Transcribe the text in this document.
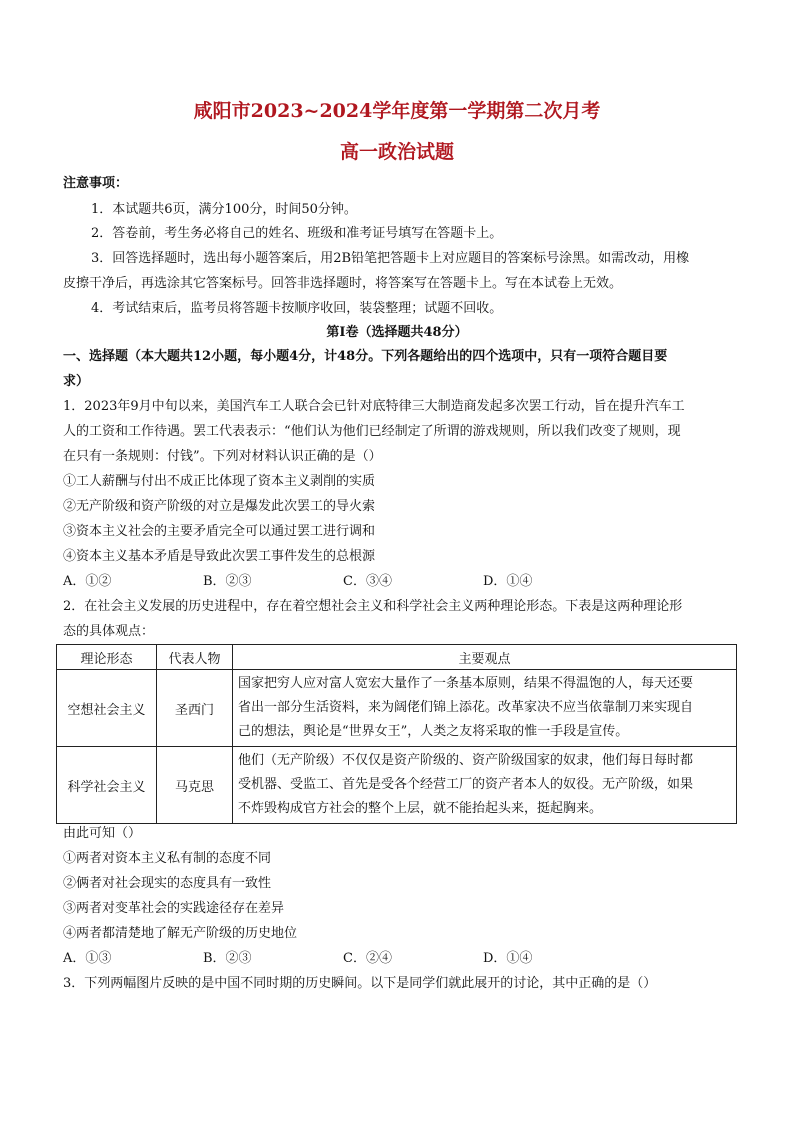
咸阳市2023~2024学年度第一学期第二次月考
高一政治试题
注意事项：
1．本试题共6页，满分100分，时间50分钟。
2．答卷前，考生务必将自己的姓名、班级和准考证号填写在答题卡上。
3．回答选择题时，选出每小题答案后，用2B铅笔把答题卡上对应题目的答案标号涂黑。如需改动，用橡
皮擦干净后，再选涂其它答案标号。回答非选择题时，将答案写在答题卡上。写在本试卷上无效。
4．考试结束后，监考员将答题卡按顺序收回，装袋整理；试题不回收。
第Ⅰ卷（选择题共48分）
一、选择题（本大题共12小题，每小题4分，计48分。下列各题给出的四个选项中，只有一项符合题目要
求）
1．2023年9月中旬以来，美国汽车工人联合会已针对底特律三大制造商发起多次罢工行动，旨在提升汽车工
人的工资和工作待遇。罢工代表表示：“他们认为他们已经制定了所谓的游戏规则，所以我们改变了规则，现
在只有一条规则：付钱”。下列对材料认识正确的是（）
①工人薪酬与付出不成正比体现了资本主义剥削的实质
②无产阶级和资产阶级的对立是爆发此次罢工的导火索
③资本主义社会的主要矛盾完全可以通过罢工进行调和
④资本主义基本矛盾是导致此次罢工事件发生的总根源
A．①②	B．②③	C．③④	D．①④
2．在社会主义发展的历史进程中，存在着空想社会主义和科学社会主义两种理论形态。下表是这两种理论形
态的具体观点：
理论形态	代表人物	主要观点
空想社会主义	圣西门	国家把穷人应对富人宽宏大量作了一条基本原则，结果不得温饱的人，每天还要
省出一部分生活资料，来为阔佬们锦上添花。改革家决不应当依靠制刀来实现自
己的想法，舆论是“世界女王”，人类之友将采取的惟一手段是宣传。

科学社会主义	马克思	他们（无产阶级）不仅仅是资产阶级的、资产阶级国家的奴隶，他们每日每时都
受机器、受监工、首先是受各个经营工厂的资产者本人的奴役。无产阶级，如果
不炸毁构成官方社会的整个上层，就不能抬起头来，挺起胸来。
由此可知（）
①两者对资本主义私有制的态度不同
②俩者对社会现实的态度具有一致性
③两者对变革社会的实践途径存在差异
④两者都清楚地了解无产阶级的历史地位
A．①③	B．②③	C．②④	D．①④
3．下列两幅图片反映的是中国不同时期的历史瞬间。以下是同学们就此展开的讨论，其中正确的是（）
